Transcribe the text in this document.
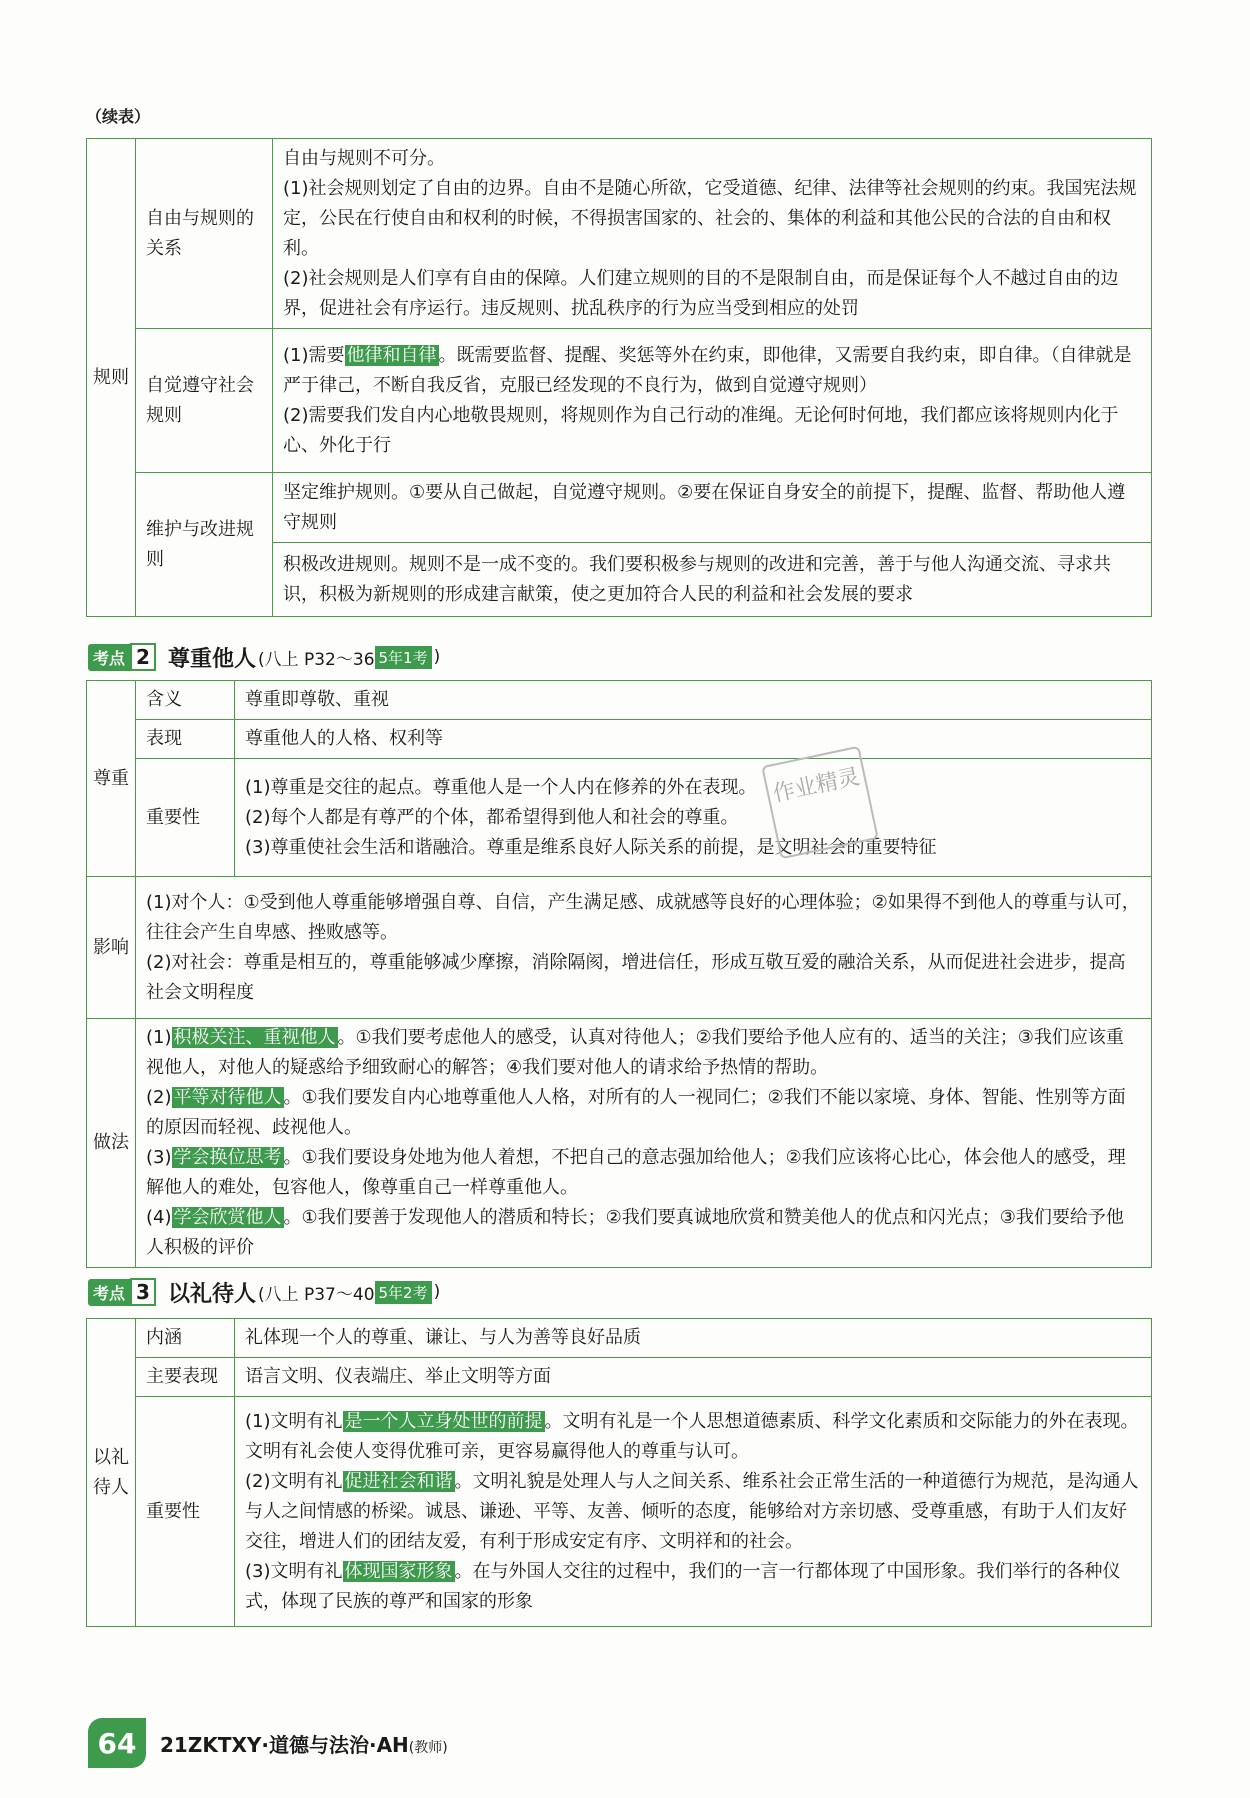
（续表）
规则	自由与规则的关系	自由与规则不可分。
(1)社会规则划定了自由的边界。自由不是随心所欲，它受道德、纪律、法律等社会规则的约束。我国宪法规定，公民在行使自由和权利的时候，不得损害国家的、社会的、集体的利益和其他公民的合法的自由和权利。
(2)社会规则是人们享有自由的保障。人们建立规则的目的不是限制自由，而是保证每个人不越过自由的边界，促进社会有序运行。违反规则、扰乱秩序的行为应当受到相应的处罚

	自觉遵守社会规则	(1)需要 他律和自律 。既需要监督、提醒、奖惩等外在约束，即他律，又需要自我约束，即自律。（自律就是严于律己，不断自我反省，克服已经发现的不良行为，做到自觉遵守规则）
(2)需要我们发自内心地敬畏规则，将规则作为自己行动的准绳。无论何时何地，我们都应该将规则内化于心、外化于行

	维护与改进规则	坚定维护规则。①要从自己做起，自觉遵守规则。②要在保证自身安全的前提下，提醒、监督、帮助他人遵守规则
		积极改进规则。规则不是一成不变的。我们要积极参与规则的改进和完善，善于与他人沟通交流、寻求共识，积极为新规则的形成建言献策，使之更加符合人民的利益和社会发展的要求
考点 2 尊重他人 (八上 P32～36 5年1考 )
尊重	含义	尊重即尊敬、重视
	表现	尊重他人的人格、权利等
	重要性	(1)尊重是交往的起点。尊重他人是一个人内在修养的外在表现。
(2)每个人都是有尊严的个体，都希望得到他人和社会的尊重。
(3)尊重使社会生活和谐融洽。尊重是维系良好人际关系的前提，是文明社会的重要特征

影响	(1)对个人：①受到他人尊重能够增强自尊、自信，产生满足感、成就感等良好的心理体验；②如果得不到他人的尊重与认可，往往会产生自卑感、挫败感等。
(2)对社会：尊重是相互的，尊重能够减少摩擦，消除隔阂，增进信任，形成互敬互爱的融洽关系，从而促进社会进步，提高社会文明程度	

做法	(1) 积极关注、重视他人 。①我们要考虑他人的感受，认真对待他人；②我们要给予他人应有的、适当的关注；③我们应该重视他人，对他人的疑惑给予细致耐心的解答；④我们要对他人的请求给予热情的帮助。
(2) 平等对待他人 。①我们要发自内心地尊重他人人格，对所有的人一视同仁；②我们不能以家境、身体、智能、性别等方面的原因而轻视、歧视他人。
(3) 学会换位思考 。①我们要设身处地为他人着想，不把自己的意志强加给他人；②我们应该将心比心，体会他人的感受，理解他人的难处，包容他人，像尊重自己一样尊重他人。
(4) 学会欣赏他人 。①我们要善于发现他人的潜质和特长；②我们要真诚地欣赏和赞美他人的优点和闪光点；③我们要给予他人积极的评价	
作业精灵
考点 3 以礼待人 (八上 P37～40 5年2考 )
以礼待人	内涵	礼体现一个人的尊重、谦让、与人为善等良好品质
	主要表现	语言文明、仪表端庄、举止文明等方面
	重要性	(1)文明有礼 是一个人立身处世的前提 。文明有礼是一个人思想道德素质、科学文化素质和交际能力的外在表现。文明有礼会使人变得优雅可亲，更容易赢得他人的尊重与认可。
(2)文明有礼 促进社会和谐 。文明礼貌是处理人与人之间关系、维系社会正常生活的一种道德行为规范，是沟通人与人之间情感的桥梁。诚恳、谦逊、平等、友善、倾听的态度，能够给对方亲切感、受尊重感，有助于人们友好交往，增进人们的团结友爱，有利于形成安定有序、文明祥和的社会。
(3)文明有礼 体现国家形象 。在与外国人交往的过程中，我们的一言一行都体现了中国形象。我们举行的各种仪式，体现了民族的尊严和国家的形象
64	21ZKTXY·道德与法治·AH(教师)
